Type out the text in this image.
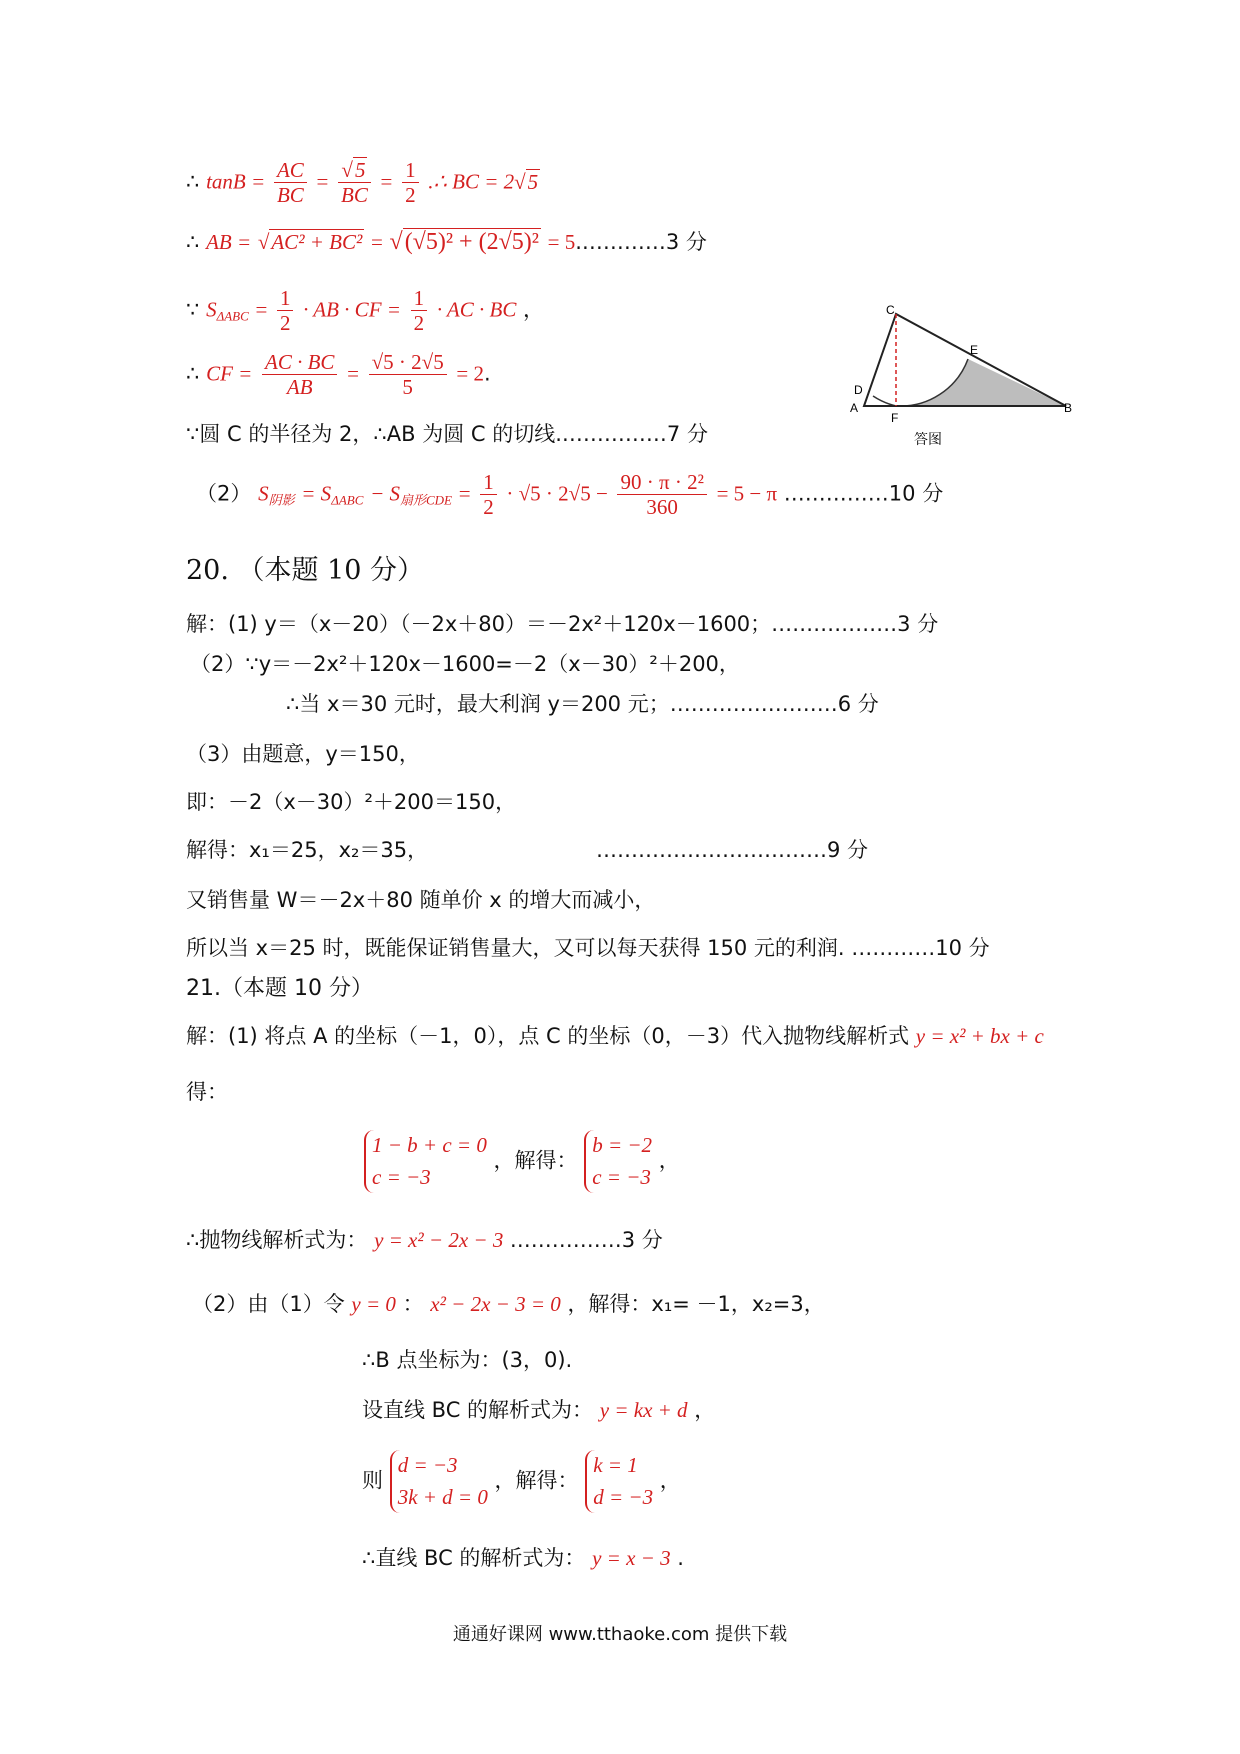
∴ $\tan B = \frac{AC}{BC} = \frac{√5}{BC} = \frac{1}{2}$ .∴ BC = 2√5
∴ AB = √AC² + BC² = √(√5)² + (2√5)² = 5.…………3 分
∵ $S_{\Delta ABC} = \frac{1}{2}$ · AB · CF = $\frac{1}{2}$ · AC · BC ，
∴ CF = $\frac{AC \cdot BC}{AB} = \frac{√5 \cdot 2√5}{5} = 2$.
∵圆 C 的半径为 2，∴AB 为圆 C 的切线.……………7 分
（2） $S_{阴影} = S_{\Delta ABC} - S_{扇形CDE} = \frac{1}{2} \cdot √5 \cdot 2√5 - \frac{\text{90 · π · 2²}}{360} = 5 - \pi$ ……………10 分
C
D
A
F
E
B
答图
20. （本题 10 分）
解：(1) y＝（x－20）（－2x＋80）＝－2x²＋120x－1600；………………3 分
（2）∵y＝－2x²＋120x－1600=－2（x－30）²＋200，
∴当 x＝30 元时，最大利润 y＝200 元；……………………6 分
（3）由题意，y＝150，
即：－2（x－30）²＋200＝150，
解得：x₁＝25，x₂＝35，	……………………………9 分
又销售量 W＝－2x＋80 随单价 x 的增大而减小，
所以当 x＝25 时，既能保证销售量大，又可以每天获得 150 元的利润. …………10 分
21.（本题 10 分）
解：(1) 将点 A 的坐标（－1，0），点 C 的坐标（0，－3）代入抛物线解析式 y = x² + bx + c
得：
1 − b + c = 0
c = −3
，解得：
b = −2
c = −3
，
∴抛物线解析式为： y = x² − 2x − 3 .……………3 分
（2）由（1）令 y = 0 ： x² − 2x − 3 = 0 ，解得：x₁= －1，x₂=3，
∴B 点坐标为：(3，0).
设直线 BC 的解析式为： y = kx + d ，
则
d = −3
3k + d = 0
，解得：
k = 1
d = −3
，
∴直线 BC 的解析式为： y = x − 3 .
通通好课网 www.tthaoke.com 提供下载
